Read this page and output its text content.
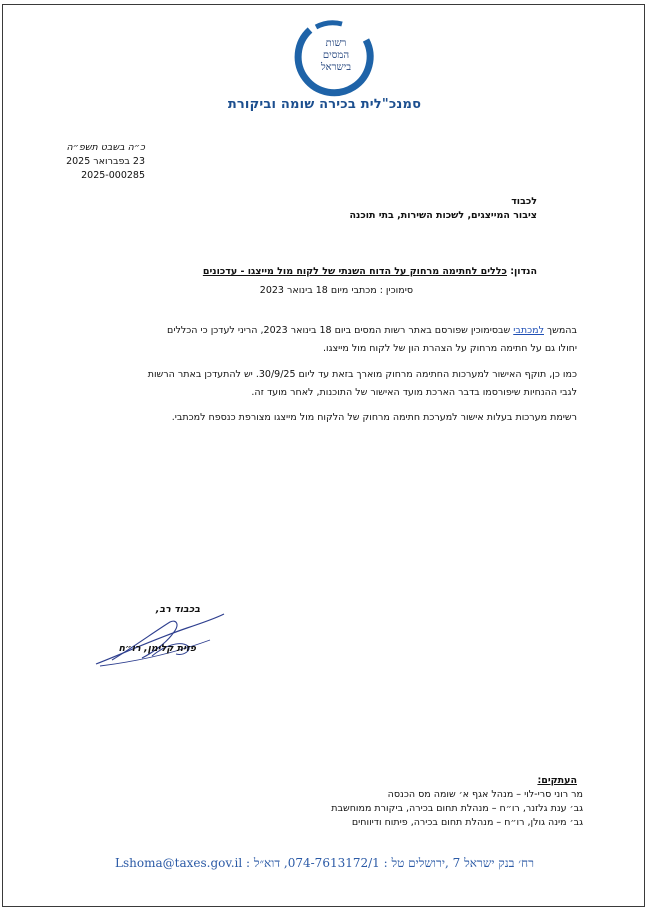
רשות
המסים
בישראל
סמנכ"לית בכירה שומה וביקורת
כ״ה בשבט תשפ״ה
23 בפברואר 2025
2025-000285
לכבוד
ציבור המייצגים, לשכות השירות, בתי תוכנה
הנדון: כללים לחתימה מרחוק על הדוח השנתי של לקוח מול מייצגו - עדכונים
סימוכין : מכתבי מיום 18 בינואר 2023
בהמשך למכתבי שבסימוכין שפורסם באתר רשות המסים ביום 18 בינואר 2023, הריני לעדכן כי הכללים
יחולו גם על חתימה מרחוק על הצהרת הון של לקוח מול מייצגו.
כמו כן, תוקף האישור למערכות החתימה מרחוק מוארך בזאת עד ליום 30/9/25. יש להתעדכן באתר הרשות
לגבי ההנחיות שיפורסמו בדבר הארכת מועד האישור של התוכנות, לאחר מועד זה.
רשימת מערכות בעלות אישור למערכת חתימה מרחוק של הלקוח מול מייצגו מצורפת כנספח למכתבי.
בכבוד רב,
פזית קלימן, רו״ח
העתקים:
מר רוני סרי-לוי – מנהל אגף א׳ שומה מס הכנסה
גב׳ ענת גלזנר, רו״ח – מנהלת תחום בכירה, ביקורת ממוחשבת
גב׳ מינה גולן, רו״ח – מנהלת תחום בכירה, פיתוח ודיווחים
רח׳ בנק ישראל 7 ,ירושלים טל : 074-7613172/1, דוא״ל : Lshoma@taxes.gov.il
